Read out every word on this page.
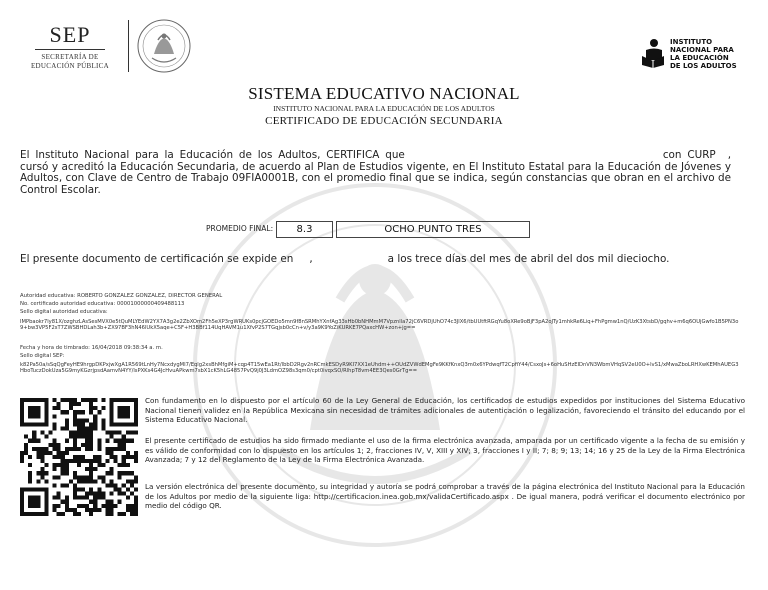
SEP
SECRETARÍA DE
EDUCACIÓN PÚBLICA
INSTITUTO
NACIONAL PARA
LA EDUCACIÓN
DE LOS ADULTOS
SISTEMA EDUCATIVO NACIONAL
INSTITUTO NACIONAL PARA LA EDUCACIÓN DE LOS ADULTOS
CERTIFICADO DE EDUCACIÓN SECUNDARIA
El Instituto Nacional para la Educación de los Adultos, CERTIFICA que	con CURP , cursó y acreditó la Educación Secundaria, de acuerdo al Plan de Estudios vigente, en El Instituto Estatal para la Educación de Jóvenes y Adultos, con Clave de Centro de Trabajo 09FIA0001B, con el promedio final que se indica, según constancias que obran en el archivo de Control Escolar.
PROMEDIO FINAL:	8.3	OCHO PUNTO TRES
El presente documento de certificación se expide en ,	a los trece días del mes de abril del dos mil dieciocho.
Autoridad educativa: ROBERTO GONZALEZ GONZALEZ, DIRECTOR GENERAL
No. certificado autoridad educativa: 00001000000409488113
Sello digital autoridad educativa:
IMPbaokr7ly81X/ozghzLAsSesMVX0e5tQuMLYEdW2YX7A3g2e2ZbXOm2Fh5eXP3rgWRUKs0pcjGOEDo5mn9f8nSRMhYXnfAg33sHb0bNHMmM7Vpznlla72jC6VRDjUhO74c3JlX6/tbUUtftRGqYu8oXRe9oBjF3pA2oJTy1mhkRe6Liq+FhPgmw1nQ/UzK3XtsbD/gqhv+m6q6OUjGwfo1B5PN3o9+bw3VP5F2sT7ZWSBHDLah3b+ZX97BF3hN46lUkX5aqe+C5F+H3BBf114UqHAVM1u1XfvP2S7TGqjsb0cCn+v/y3a9K9YoZiKURKE7PQaxcHW+zon+jg==
Fecha y hora de timbrado: 16/04/2018 09:38:34 a. m.
Sello digital SEP:
k82Pa50a/sSqQgFeyHE9hrgpDKPxjwXgA1R569tLnHy7NcxdygMI7/Eqlg2xsBhMfgiM+cqp4T15wEa1Rt/lbbD2Rgv2nRCmkESDyR9KI7XX1eUhdm++OUdZVWdEMgFe9KKfKnxQ3m0x6YPdwqfT2CpfiY44/CsxoJs+6oHuSHzEIDnVN3WbmVHqSV2eU0O+lvS1/xMwaZboLRHXwKEMhAUEG3HboTuczDokUza5G9myKGzrjpsdAamvN4YY/lsPXKs4G4JcHvuAPkwm7sbX1cK5hLG4857PvQ9j0J3LdmOZ98s3qm0/cpt0ivqxSO/RlhpT8vm4EE3Qes0GrTg==
Con fundamento en lo dispuesto por el artículo 60 de la Ley General de Educación, los certificados de estudios expedidos por instituciones del Sistema Educativo Nacional tienen validez en la República Mexicana sin necesidad de trámites adicionales de autenticación o legalización, favoreciendo el tránsito del educando por el Sistema Educativo Nacional.
El presente certificado de estudios ha sido firmado mediante el uso de la firma electrónica avanzada, amparada por un certificado vigente a la fecha de su emisión y es válido de conformidad con lo dispuesto en los artículos 1; 2, fracciones IV, V, XIII y XIV; 3, fracciones I y II; 7; 8; 9; 13; 14; 16 y 25 de la Ley de la Firma Electrónica Avanzada; 7 y 12 del Reglamento de la Ley de la Firma Electrónica Avanzada.
La versión electrónica del presente documento, su integridad y autoría se podrá comprobar a través de la página electrónica del Instituto Nacional para la Educación de los Adultos por medio de la siguiente liga: http://certificacion.inea.gob.mx/validaCertificado.aspx . De igual manera, podrá verificar el documento electrónico por medio del código QR.
